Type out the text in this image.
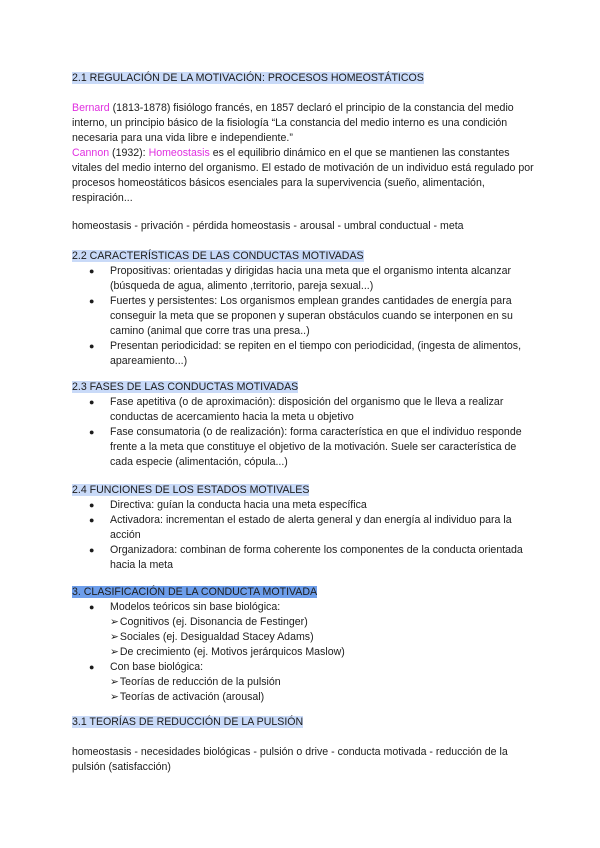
2.1 REGULACIÓN DE LA MOTIVACIÓN: PROCESOS HOMEOSTÁTICOS
Bernard (1813-1878) fisiólogo francés, en 1857 declaró el principio de la constancia del medio interno, un principio básico de la fisiología “La constancia del medio interno es una condición necesaria para una vida libre e independiente.”
Cannon (1932): Homeostasis es el equilibrio dinámico en el que se mantienen las constantes vitales del medio interno del organismo. El estado de motivación de un individuo está regulado por procesos homeostáticos básicos esenciales para la supervivencia (sueño, alimentación, respiración...
homeostasis - privación - pérdida homeostasis - arousal - umbral conductual - meta
2.2 CARACTERÍSTICAS DE LAS CONDUCTAS MOTIVADAS
● Propositivas: orientadas y dirigidas hacia una meta que el organismo intenta alcanzar (búsqueda de agua, alimento ,territorio, pareja sexual...)
● Fuertes y persistentes: Los organismos emplean grandes cantidades de energía para conseguir la meta que se proponen y superan obstáculos cuando se interponen en su camino (animal que corre tras una presa..)
● Presentan periodicidad: se repiten en el tiempo con periodicidad, (ingesta de alimentos, apareamiento...)
2.3 FASES DE LAS CONDUCTAS MOTIVADAS
● Fase apetitiva (o de aproximación): disposición del organismo que le lleva a realizar conductas de acercamiento hacia la meta u objetivo
● Fase consumatoria (o de realización): forma característica en que el individuo responde frente a la meta que constituye el objetivo de la motivación. Suele ser característica de cada especie (alimentación, cópula...)
2.4 FUNCIONES DE LOS ESTADOS MOTIVALES
● Directiva: guían la conducta hacia una meta específica
● Activadora: incrementan el estado de alerta general y dan energía al individuo para la acción
● Organizadora: combinan de forma coherente los componentes de la conducta orientada hacia la meta
3. CLASIFICACIÓN DE LA CONDUCTA MOTIVADA
● Modelos teóricos sin base biológica:
➢Cognitivos (ej. Disonancia de Festinger)
➢Sociales (ej. Desigualdad Stacey Adams)
➢De crecimiento (ej. Motivos jerárquicos Maslow)
● Con base biológica:
➢Teorías de reducción de la pulsión
➢Teorías de activación (arousal)
3.1 TEORÍAS DE REDUCCIÓN DE LA PULSIÓN
homeostasis - necesidades biológicas - pulsión o drive - conducta motivada - reducción de la pulsión (satisfacción)
